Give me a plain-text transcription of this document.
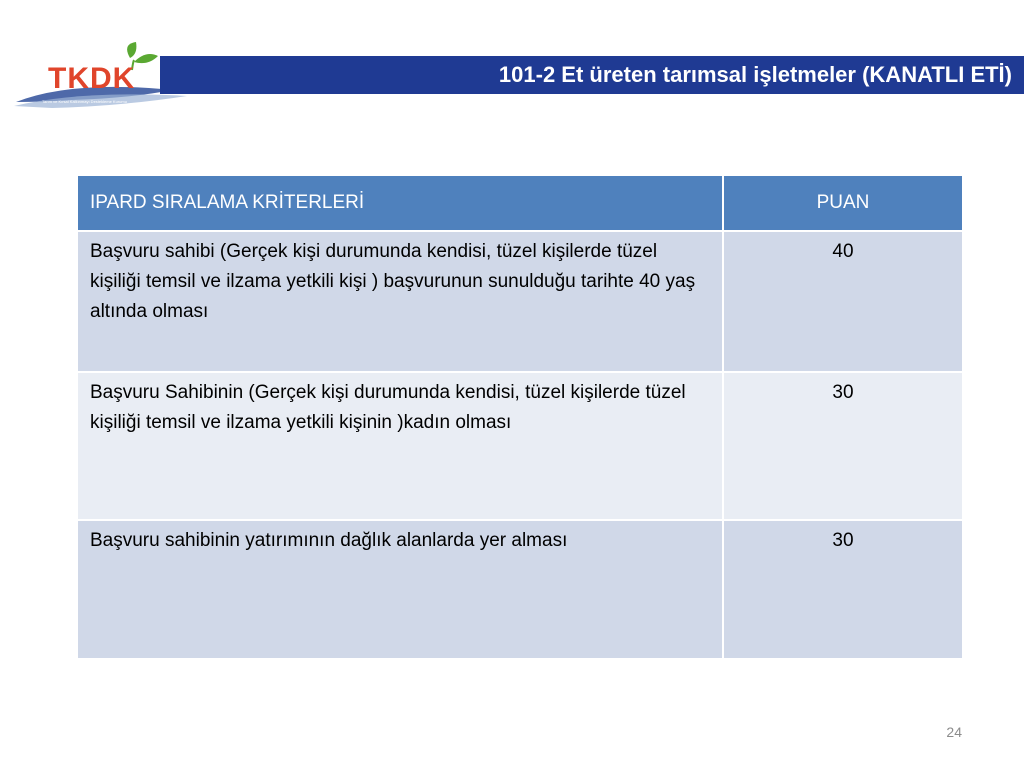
TKDK
Tarım ve Kırsal Kalkınmayı Destekleme Kurumu
101-2 Et üreten tarımsal işletmeler (KANATLI ETİ)
IPARD SIRALAMA KRİTERLERİ	PUAN
Başvuru sahibi (Gerçek kişi durumunda kendisi, tüzel kişilerde tüzel kişiliği temsil ve ilzama yetkili kişi ) başvurunun sunulduğu tarihte 40 yaş altında olması	40
Başvuru Sahibinin (Gerçek kişi durumunda kendisi, tüzel kişilerde tüzel kişiliği temsil ve ilzama yetkili kişinin )kadın olması	30
Başvuru sahibinin yatırımının dağlık alanlarda yer alması	30
24
